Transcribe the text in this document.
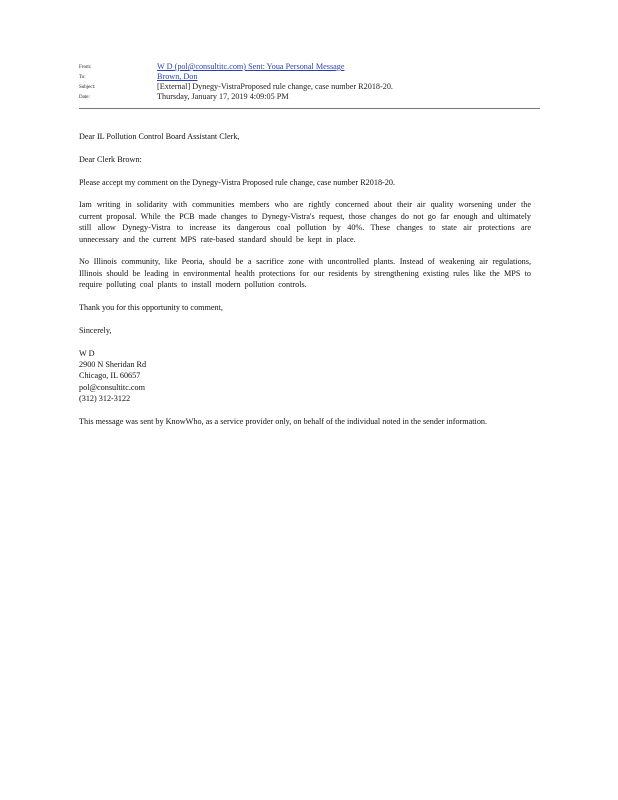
From:	W D (pol@consultitc.com) Sent: Youa Personal Message
To:	Brown, Don
Subject:	[External] Dynegy-VistraProposed rule change, case number R2018-20.
Date:	Thursday, January 17, 2019 4:09:05 PM

Dear IL Pollution Control Board Assistant Clerk,

Dear Clerk Brown:

Please accept my comment on the Dynegy-Vistra Proposed rule change, case number R2018-20.

Iam writing in solidarity with communities members who are rightly concerned about their air quality worsening under the current proposal. While the PCB made changes to Dynegy-Vistra's request, those changes do not go far enough and ultimately still allow Dynegy-Vistra to increase its dangerous coal pollution by 40%. These changes to state air protections are unnecessary and the current MPS rate-based standard should be kept in place.

No Illinois community, like Peoria, should be a sacrifice zone with uncontrolled plants. Instead of weakening air regulations, Illinois should be leading in environmental health protections for our residents by strengthening existing rules like the MPS to require polluting coal plants to install modern pollution controls.

Thank you for this opportunity to comment,

Sincerely,

W D
2900 N Sheridan Rd
Chicago, IL 60657
pol@consultitc.com
(312) 312-3122

This message was sent by KnowWho, as a service provider only, on behalf of the individual noted in the sender information.
